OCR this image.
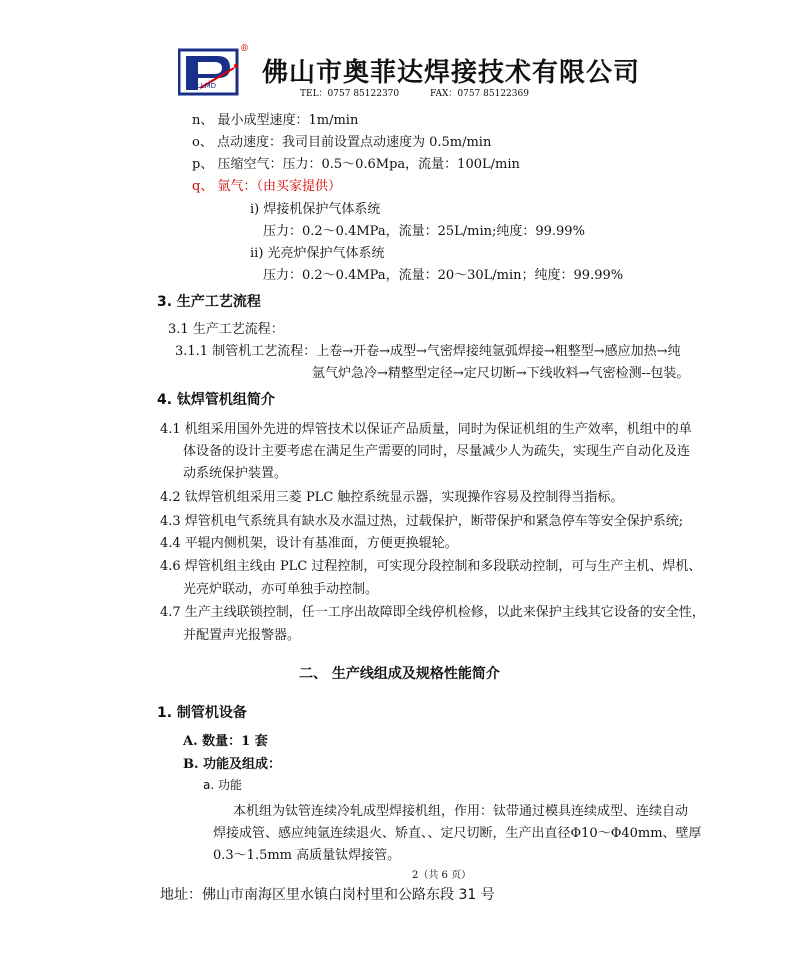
ALLMD
®
佛山市奥菲达焊接技术有限公司
TEL：0757 85122370	FAX：0757 85122369
n、 最小成型速度：1m/min
o、 点动速度：我司目前设置点动速度为 0.5m/min
p、 压缩空气：压力：0.5～0.6Mpa，流量：100L/min
q、 氩气：（由买家提供）
i) 焊接机保护气体系统
压力：0.2～0.4MPa，流量：25L/min;纯度：99.99%
ii) 光亮炉保护气体系统
压力：0.2～0.4MPa，流量：20～30L/min；纯度：99.99%
3. 生产工艺流程
3.1 生产工艺流程：
3.1.1 制管机工艺流程：上卷→开卷→成型→气密焊接纯氩弧焊接→粗整型→感应加热→纯
氩气炉急冷→精整型定径→定尺切断→下线收料→气密检测--包装。
4. 钛焊管机组简介
4.1 机组采用国外先进的焊管技术以保证产品质量，同时为保证机组的生产效率，机组中的单
体设备的设计主要考虑在满足生产需要的同时，尽量减少人为疏失，实现生产自动化及连
动系统保护装置。
4.2 钛焊管机组采用三菱 PLC 触控系统显示器，实现操作容易及控制得当指标。
4.3 焊管机电气系统具有缺水及水温过热，过载保护，断带保护和紧急停车等安全保护系统;
4.4 平辊内侧机架，设计有基准面，方便更换辊轮。
4.6 焊管机组主线由 PLC 过程控制，可实现分段控制和多段联动控制，可与生产主机、焊机、
光亮炉联动，亦可单独手动控制。
4.7 生产主线联锁控制，任一工序出故障即全线停机检修，以此来保护主线其它设备的安全性，
并配置声光报警器。
二、 生产线组成及规格性能简介
1. 制管机设备
A. 数量：1 套
B. 功能及组成：
a. 功能
本机组为钛管连续冷轧成型焊接机组，作用：钛带通过模具连续成型、连续自动
焊接成管、感应纯氩连续退火、矫直、、定尺切断，生产出直径Φ10～Φ40mm、壁厚
0.3～1.5mm 高质量钛焊接管。
2（共 6 页）
地址：佛山市南海区里水镇白岗村里和公路东段 31 号
